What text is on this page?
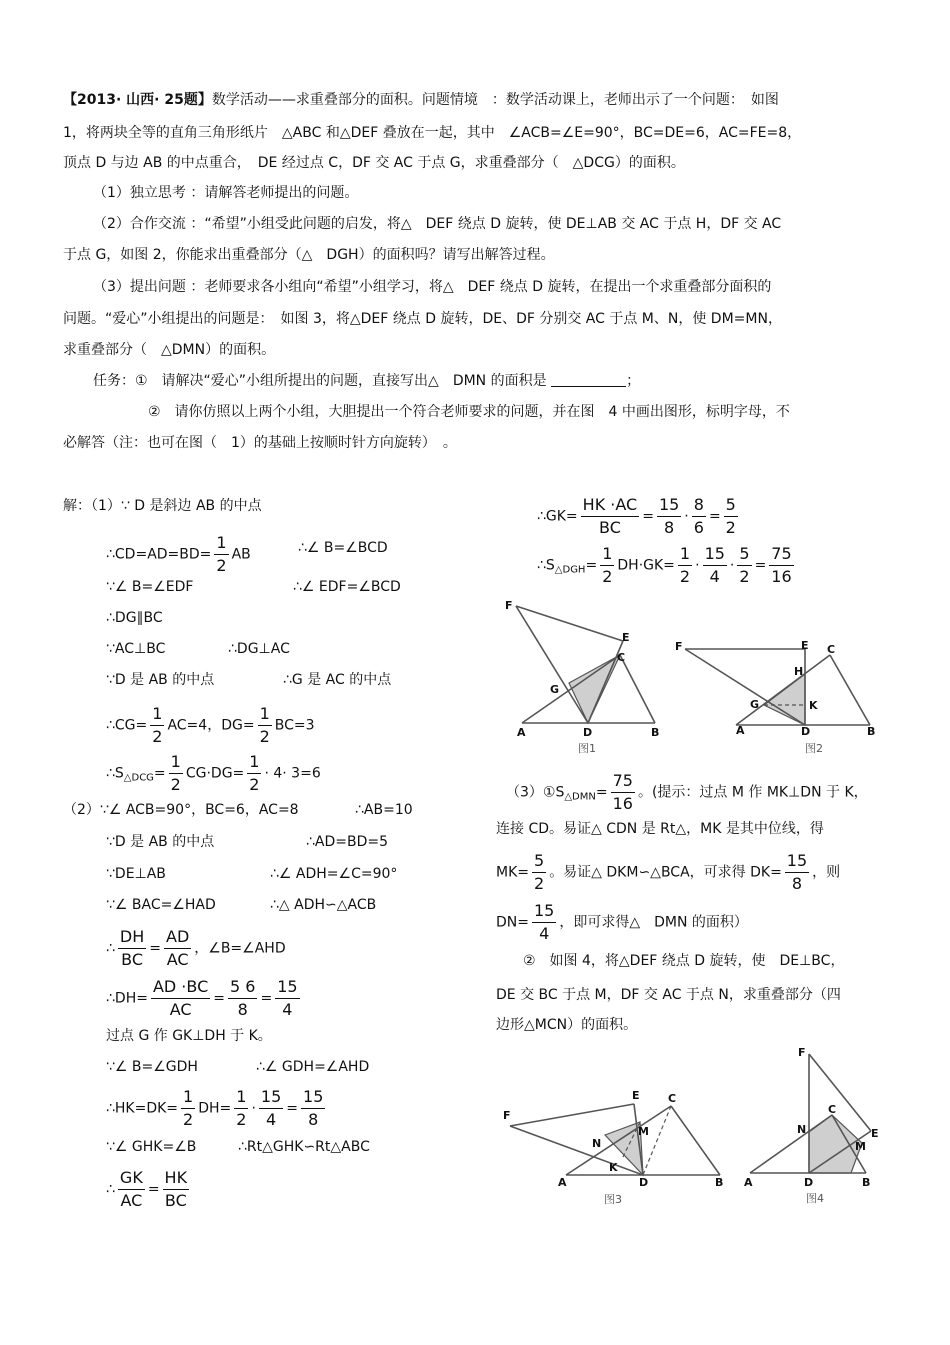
【2013· 山西· 25题】数学活动——求重叠部分的面积。问题情境　：数学活动课上，老师出示了一个问题：　如图
1，将两块全等的直角三角形纸片　△ABC 和△DEF 叠放在一起，其中　∠ACB=∠E=90°，BC=DE=6，AC=FE=8，
顶点 D 与边 AB 的中点重合，　DE 经过点 C，DF 交 AC 于点 G，求重叠部分（　△DCG）的面积。
（1）独立思考 ：请解答老师提出的问题。
（2）合作交流 ：“希望”小组受此问题的启发，将△　DEF 绕点 D 旋转，使 DE⊥AB 交 AC 于点 H，DF 交 AC
于点 G，如图 2，你能求出重叠部分（△　DGH）的面积吗？请写出解答过程。
（3）提出问题 ：老师要求各小组向“希望”小组学习，将△　DEF 绕点 D 旋转，在提出一个求重叠部分面积的
问题。“爱心”小组提出的问题是：　如图 3，将△DEF 绕点 D 旋转，DE、DF 分别交 AC 于点 M、N，使 DM=MN，
求重叠部分（　△DMN）的面积。
任务：①　请解决“爱心”小组所提出的问题，直接写出△　DMN 的面积是	；
②　请你仿照以上两个小组，大胆提出一个符合老师要求的问题，并在图　4 中画出图形，标明字母，不
必解答（注：也可在图（　1）的基础上按顺时针方向旋转）　。
解：（1）∵ D 是斜边 AB 的中点
∴CD=AD=BD= $\frac{1}{2}$ AB	∴∠ B=∠BCD
∵∠ B=∠EDF	∴∠ EDF=∠BCD
∴DG∥BC
∵AC⊥BC	∴DG⊥AC
∵D 是 AB 的中点	∴G 是 AC 的中点
∴CG= $\frac{1}{2} AC=4$，$DG= \frac{1}{2} BC=3$
$\therefore S_{\triangle DCG}= \frac{1}{2} CG\cdot DG= \frac{1}{2} \cdot 4\cdot 3=6$
（2）∵∠ ACB=90°，BC=6，AC=8	∴AB=10
∵D 是 AB 的中点	∴AD=BD=5
∵DE⊥AB	∴∠ ADH=∠C=90°
∵∠ BAC=∠HAD	∴△ ADH∽△ACB
∴ $\frac{DH}{BC} = \frac{AD}{AC}$ ，∠B=∠AHD
∴DH= $\frac{AD \cdot BC}{AC} = \frac{5 6}{8} = \frac{15}{4}$
过点 G 作 GK⊥DH 于 K。
∵∠ B=∠GDH	∴∠ GDH=∠AHD
∴HK=DK= $\frac{1}{2} DH= \frac{1}{2} \cdot \frac{15}{4} = \frac{15}{8}$
∵∠ GHK=∠B	∴Rt△GHK∽Rt△ABC
∴ $\frac{GK}{AC} = \frac{HK}{BC}$
∴GK= $\frac{HK \cdot AC}{BC} = \frac{15}{8} \cdot \frac{8}{6} = \frac{5}{2}$
$\therefore S_{\triangle DGH}= \frac{1}{2} DH\cdot GK= \frac{1}{2} \cdot \frac{15}{4} \cdot \frac{5}{2} = \frac{75}{16}$
$(3)①S_{\triangle DMN}= \frac{75}{16}$ 。(提示：过点 M 作 MK⊥DN 于 K，
连接 CD。易证△ CDN 是 Rt△，MK 是其中位线，得
$MK= \frac{5}{2}$ 。易证△ DKM∽△BCA，可求得 $DK= \frac{15}{8}$ ，则
$DN= \frac{15}{4}$ ，即可求得△　DMN 的面积）
②　如图 4，将△DEF 绕点 D 旋转，使　DE⊥BC，
DE 交 BC 于点 M，DF 交 AC 于点 N，求重叠部分（四
边形△MCN）的面积。
F
E
C
G
A	D	B
图1
F	E C
H
G	K
A	D	B
图2
F
E	C
M
N
K
A	D	B
图3
F
E
C
N
M
A	D	B
图4
